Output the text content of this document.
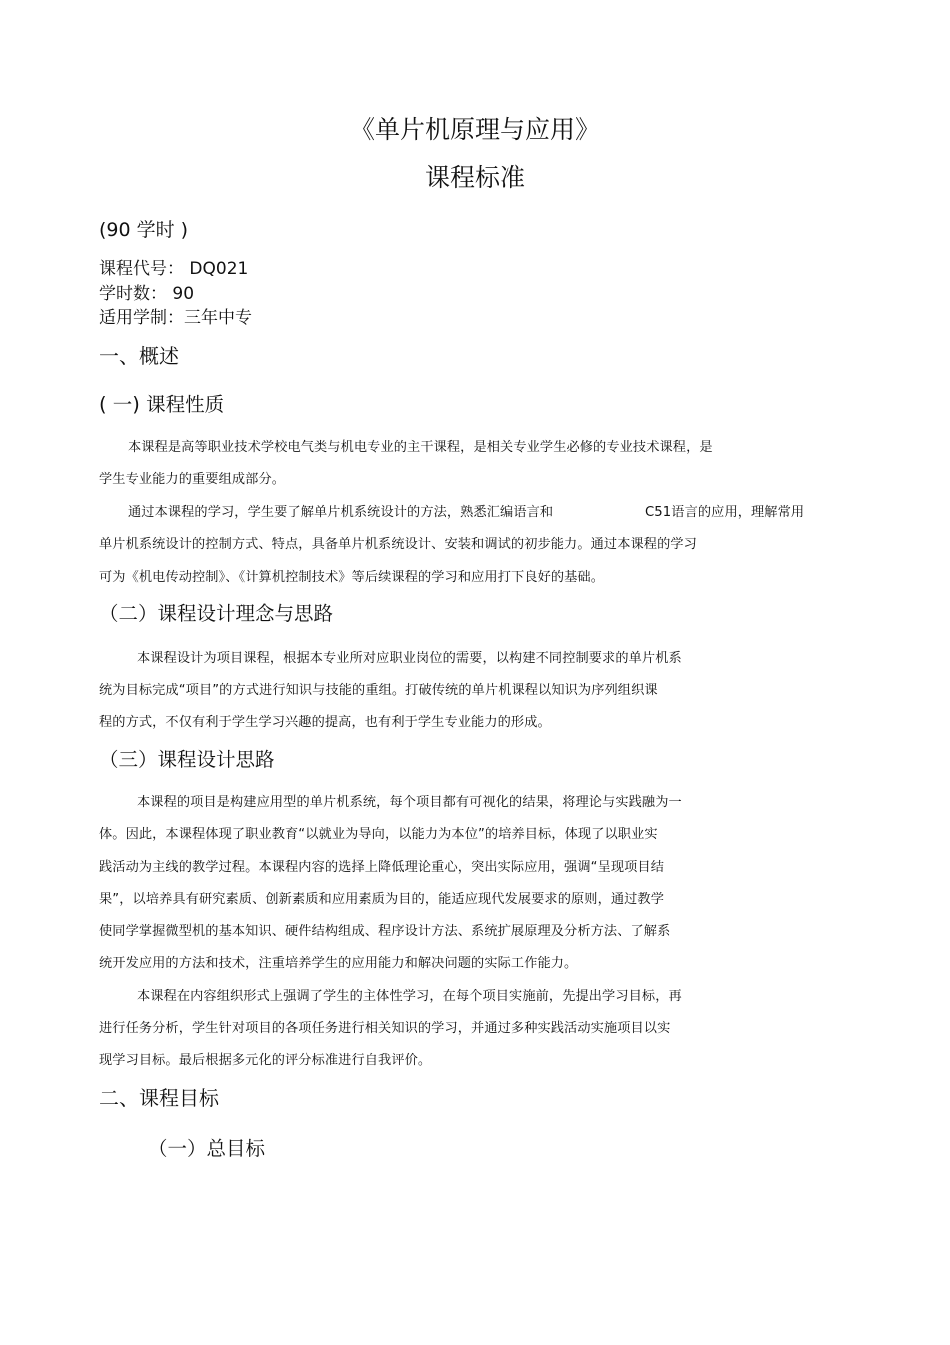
《单片机原理与应用》
课程标准
(90 学时 )
课程代号： DQ021
学时数： 90
适用学制：三年中专
一、概述
( 一) 课程性质
本课程是高等职业技术学校电气类与机电专业的主干课程，是相关专业学生必修的专业技术课程，是
学生专业能力的重要组成部分。
通过本课程的学习，学生要了解单片机系统设计的方法，熟悉汇编语言和	C51语言的应用，理解常用
单片机系统设计的控制方式、特点，具备单片机系统设计、安装和调试的初步能力。通过本课程的学习
可为《机电传动控制》、《计算机控制技术》等后续课程的学习和应用打下良好的基础。
（二）课程设计理念与思路
本课程设计为项目课程，根据本专业所对应职业岗位的需要，以构建不同控制要求的单片机系
统为目标完成“项目”的方式进行知识与技能的重组。打破传统的单片机课程以知识为序列组织课
程的方式，不仅有利于学生学习兴趣的提高，也有利于学生专业能力的形成。
（三）课程设计思路
本课程的项目是构建应用型的单片机系统，每个项目都有可视化的结果，将理论与实践融为一
体。因此，本课程体现了职业教育“以就业为导向，以能力为本位”的培养目标，体现了以职业实
践活动为主线的教学过程。本课程内容的选择上降低理论重心，突出实际应用，强调“呈现项目结
果”，以培养具有研究素质、创新素质和应用素质为目的，能适应现代发展要求的原则，通过教学
使同学掌握微型机的基本知识、硬件结构组成、程序设计方法、系统扩展原理及分析方法、了解系
统开发应用的方法和技术，注重培养学生的应用能力和解决问题的实际工作能力。
本课程在内容组织形式上强调了学生的主体性学习，在每个项目实施前，先提出学习目标，再
进行任务分析，学生针对项目的各项任务进行相关知识的学习，并通过多种实践活动实施项目以实
现学习目标。最后根据多元化的评分标准进行自我评价。
二、课程目标
（一）总目标
